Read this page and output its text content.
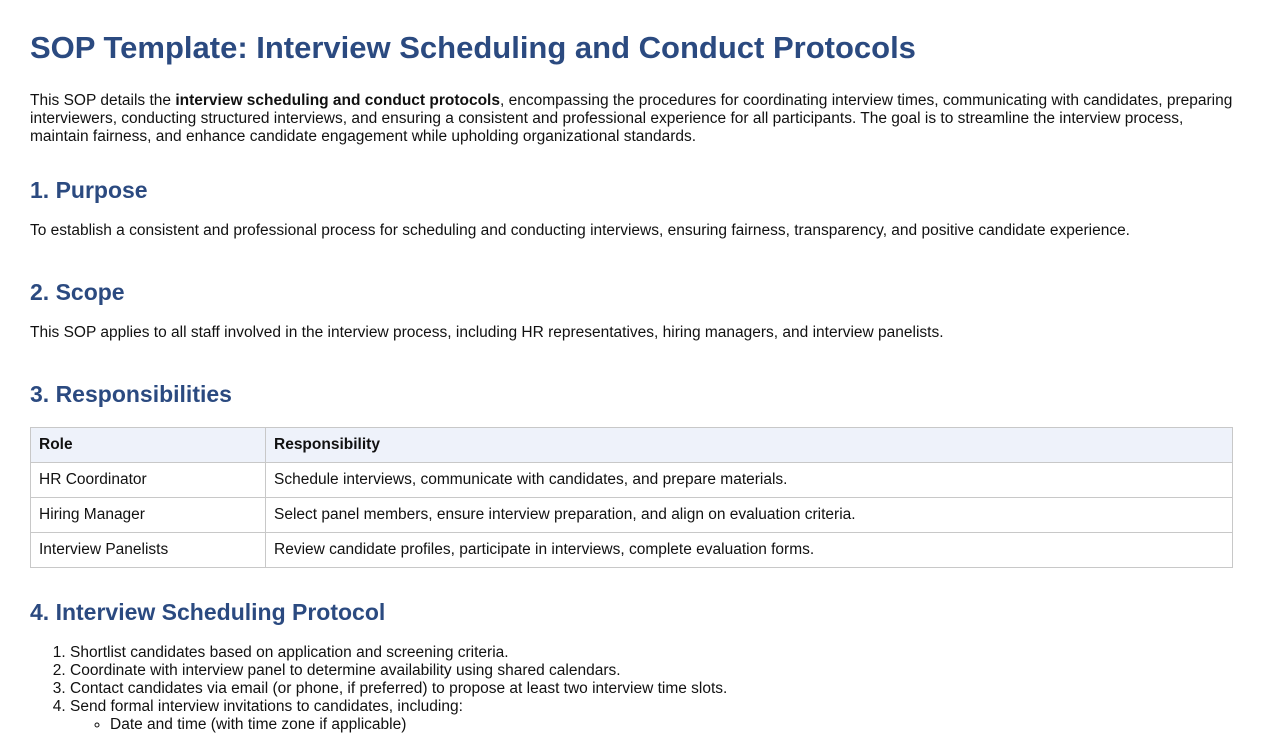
SOP Template: Interview Scheduling and Conduct Protocols

This SOP details the interview scheduling and conduct protocols, encompassing the procedures for coordinating interview times, communicating with candidates, preparing interviewers, conducting structured interviews, and ensuring a consistent and professional experience for all participants. The goal is to streamline the interview process, maintain fairness, and enhance candidate engagement while upholding organizational standards.

1. Purpose

To establish a consistent and professional process for scheduling and conducting interviews, ensuring fairness, transparency, and positive candidate experience.

2. Scope

This SOP applies to all staff involved in the interview process, including HR representatives, hiring managers, and interview panelists.

3. Responsibilities
Role	Responsibility
HR Coordinator	Schedule interviews, communicate with candidates, and prepare materials.
Hiring Manager	Select panel members, ensure interview preparation, and align on evaluation criteria.
Interview Panelists	Review candidate profiles, participate in interviews, complete evaluation forms.
4. Interview Scheduling Protocol
1. Shortlist candidates based on application and screening criteria.
2. Coordinate with interview panel to determine availability using shared calendars.
3. Contact candidates via email (or phone, if preferred) to propose at least two interview time slots.
4. Send formal interview invitations to candidates, including:
◦ Date and time (with time zone if applicable)
